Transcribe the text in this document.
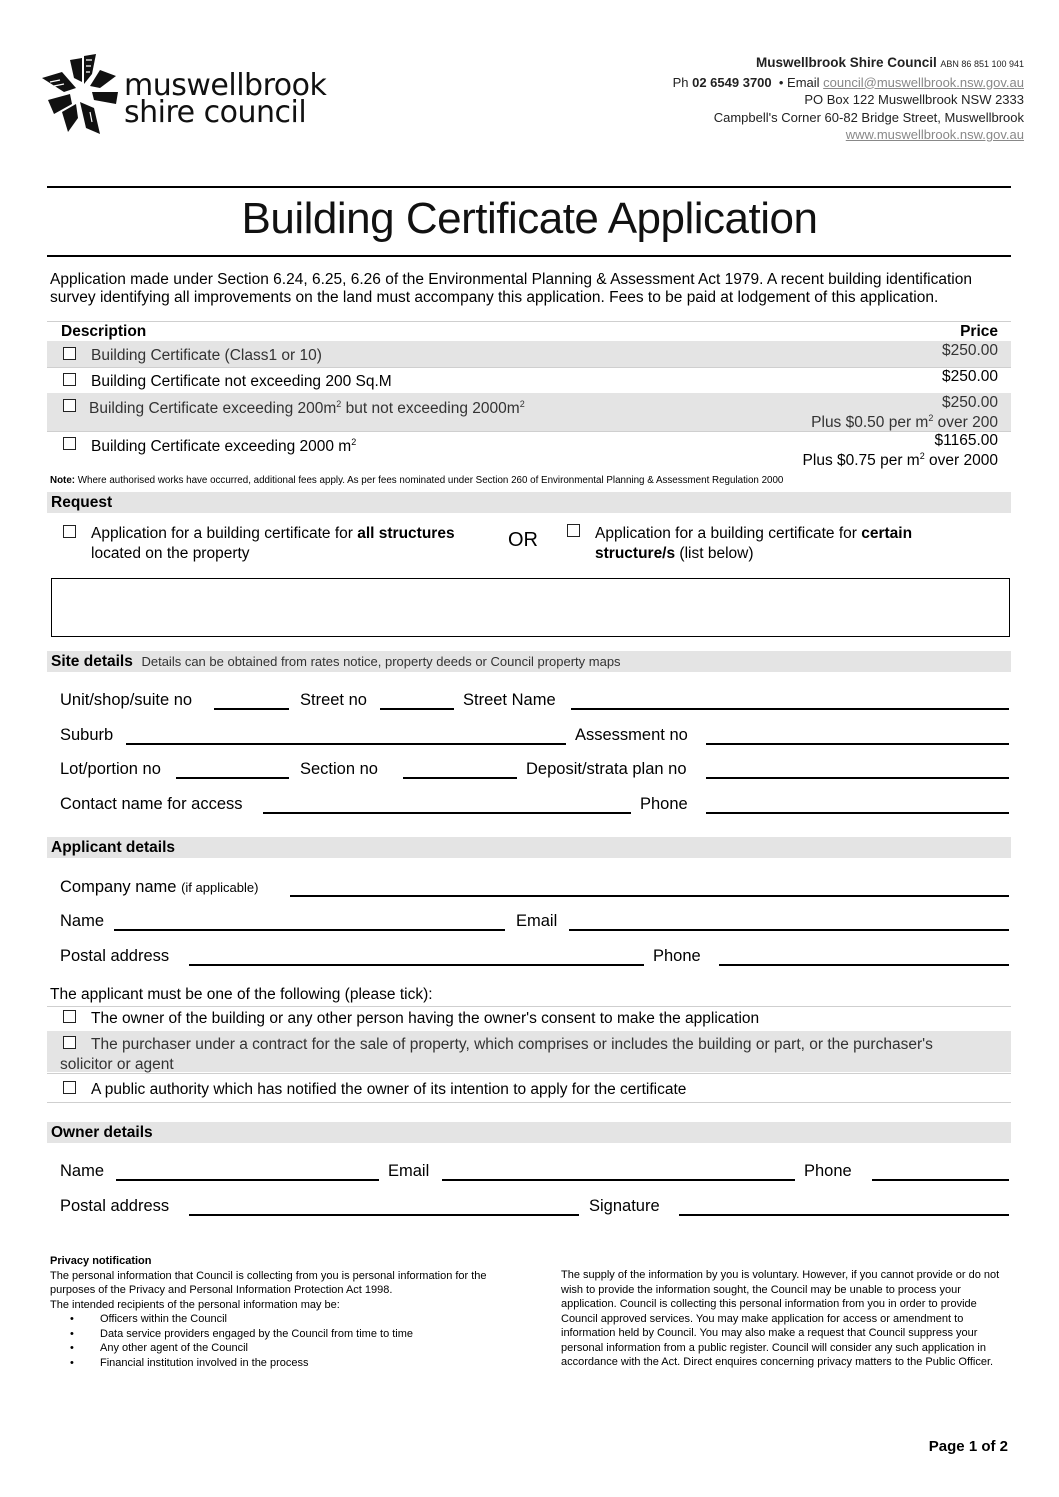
muswellbrook
shire council
Muswellbrook Shire Council ABN 86 851 100 941
Ph 02 6549 3700 • Email council@muswellbrook.nsw.gov.au
PO Box 122 Muswellbrook NSW 2333
Campbell's Corner 60-82 Bridge Street, Muswellbrook
www.muswellbrook.nsw.gov.au
Building Certificate Application
Application made under Section 6.24, 6.25, 6.26 of the Environmental Planning & Assessment Act 1979. A recent building identification survey identifying all improvements on the land must accompany this application. Fees to be paid at lodgement of this application.
Description	Price
Building Certificate (Class1 or 10)	$250.00
Building Certificate not exceeding 200 Sq.M	$250.00
Building Certificate exceeding $200m^2$ but not exceeding $2000m^2$	$250.00
Plus $0.50 per $m^2$ over 200
Building Certificate exceeding 2000 $m^2$	$1165.00
Plus $0.75 per $m^2$ over 2000
Note: Where authorised works have occurred, additional fees apply. As per fees nominated under Section 260 of Environmental Planning & Assessment Regulation 2000
Request
Application for a building certificate for all structures
located on the property
OR	Application for a building certificate for certain
structure/s (list below)
Site details Details can be obtained from rates notice, property deeds or Council property maps
Unit/shop/suite no	Street no	Street Name
Suburb	Assessment no
Lot/portion no	Section no	Deposit/strata plan no
Contact name for access	Phone
Applicant details
Company name (if applicable)
Name	Email
Postal address	Phone
The applicant must be one of the following (please tick):
The owner of the building or any other person having the owner's consent to make the application
The purchaser under a contract for the sale of property, which comprises or includes the building or part, or the purchaser's
solicitor or agent
A public authority which has notified the owner of its intention to apply for the certificate
Owner details
Name	Email	Phone
Postal address	Signature
Privacy notification
The personal information that Council is collecting from you is personal information for the purposes of the Privacy and Personal Information Protection Act 1998.
The intended recipients of the personal information may be:
• Officers within the Council
• Data service providers engaged by the Council from time to time
• Any other agent of the Council
• Financial institution involved in the process
The supply of the information by you is voluntary. However, if you cannot provide or do not wish to provide the information sought, the Council may be unable to process your application. Council is collecting this personal information from you in order to provide Council approved services. You may make application for access or amendment to information held by Council. You may also make a request that Council suppress your personal information from a public register. Council will consider any such application in accordance with the Act. Direct enquires concerning privacy matters to the Public Officer.
Page 1 of 2
